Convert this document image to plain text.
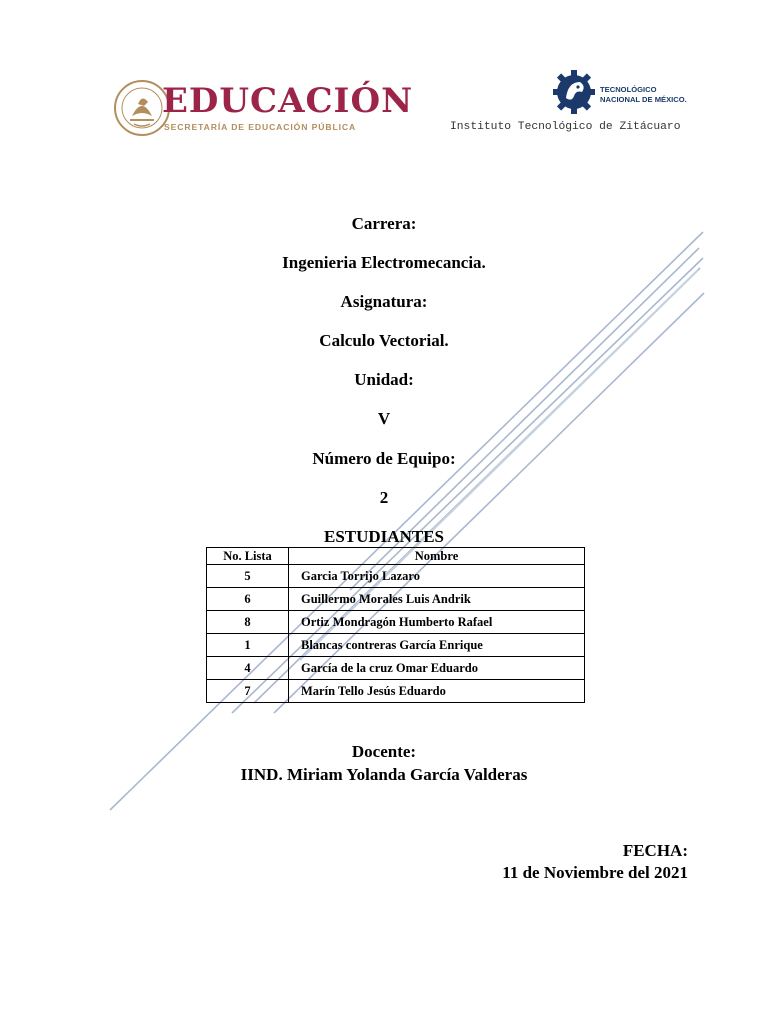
EDUCACIÓN
SECRETARÍA DE EDUCACIÓN PÚBLICA
TECNOLÓGICO
NACIONAL DE MÉXICO.
Instituto Tecnológico de Zitácuaro
Carrera:
Ingenieria Electromecancia.
Asignatura:
Calculo Vectorial.
Unidad:
V
Número de Equipo:
2
ESTUDIANTES
No. Lista	Nombre
5	Garcia Torrijo Lazaro
6	Guillermo Morales Luis Andrik
8	Ortiz Mondragón Humberto Rafael
1	Blancas contreras García Enrique
4	García de la cruz Omar Eduardo
7	Marín Tello Jesús Eduardo
Docente:
IIND. Miriam Yolanda García Valderas
FECHA:
11 de Noviembre del 2021
